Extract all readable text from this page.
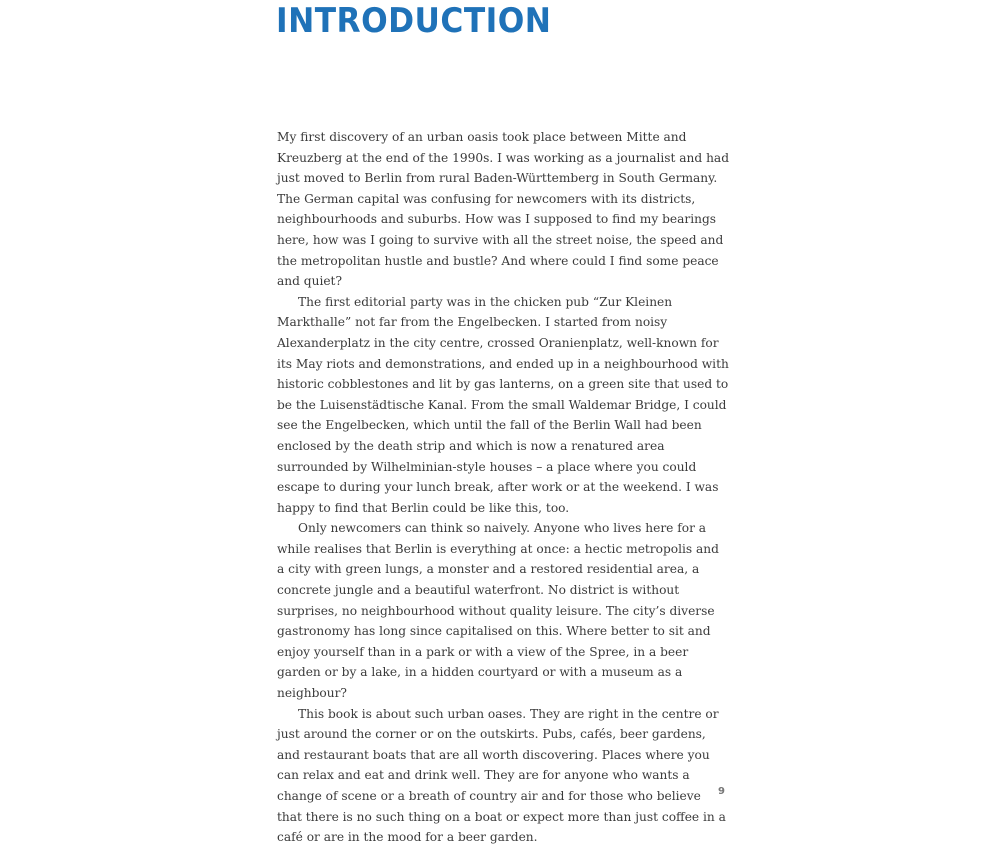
INTRODUCTION

My first discovery of an urban oasis took place between Mitte and Kreuzberg at the end of the 1990s. I was working as a journalist and had just moved to Berlin from rural Baden-Württemberg in South Germany. The German capital was confusing for newcomers with its districts, neighbourhoods and suburbs. How was I supposed to find my bearings here, how was I going to survive with all the street noise, the speed and the metropolitan hustle and bustle? And where could I find some peace and quiet?

The first editorial party was in the chicken pub “Zur Kleinen Markthalle” not far from the Engelbecken. I started from noisy Alexanderplatz in the city centre, crossed Oranienplatz, well-known for its May riots and demonstrations, and ended up in a neighbourhood with historic cobblestones and lit by gas lanterns, on a green site that used to be the Luisenstädtische Kanal. From the small Waldemar Bridge, I could see the Engelbecken, which until the fall of the Berlin Wall had been enclosed by the death strip and which is now a renatured area surrounded by Wilhelminian-style houses – a place where you could escape to during your lunch break, after work or at the weekend. I was happy to find that Berlin could be like this, too.

Only newcomers can think so naively. Anyone who lives here for a while realises that Berlin is everything at once: a hectic metropolis and a city with green lungs, a monster and a restored residential area, a concrete jungle and a beautiful waterfront. No district is without surprises, no neighbourhood without quality leisure. The city’s diverse gastronomy has long since capitalised on this. Where better to sit and enjoy yourself than in a park or with a view of the Spree, in a beer garden or by a lake, in a hidden courtyard or with a museum as a neighbour?

This book is about such urban oases. They are right in the centre or just around the corner or on the outskirts. Pubs, cafés, beer gardens, and restaurant boats that are all worth discovering. Places where you can relax and eat and drink well. They are for anyone who wants a change of scene or a breath of country air and for those who believe that there is no such thing on a boat or expect more than just coffee in a café or are in the mood for a beer garden.

9
